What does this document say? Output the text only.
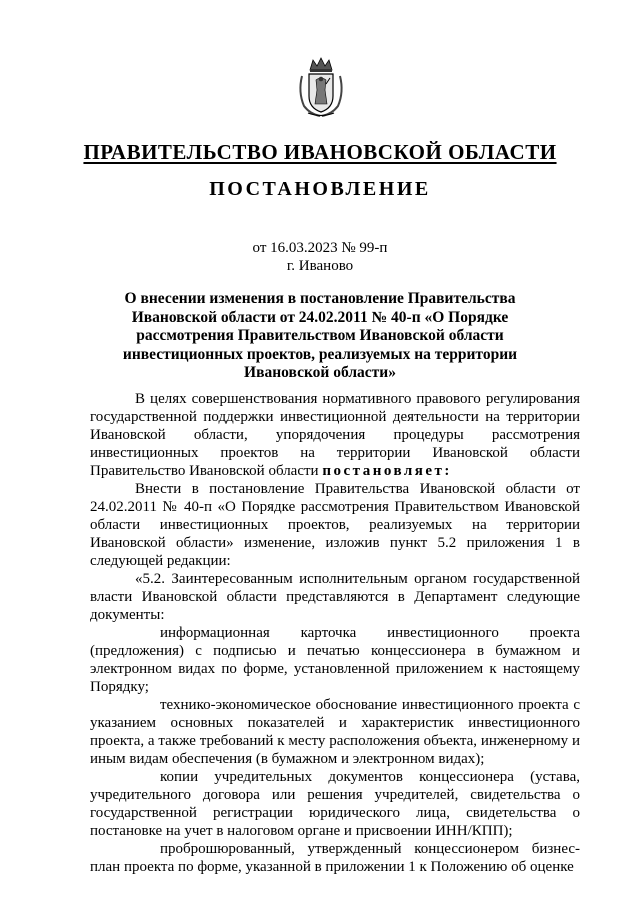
ПРАВИТЕЛЬСТВО ИВАНОВСКОЙ ОБЛАСТИ
ПОСТАНОВЛЕНИЕ
от 16.03.2023 № 99-п
г. Иваново
О внесении изменения в постановление Правительства Ивановской области от 24.02.2011 № 40-п «О Порядке рассмотрения Правительством Ивановской области инвестиционных проектов, реализуемых на территории Ивановской области»

В целях совершенствования нормативного правового регулирования государственной поддержки инвестиционной деятельности на территории Ивановской области, упорядочения процедуры рассмотрения инвестиционных проектов на территории Ивановской области Правительство Ивановской области постановляет:

Внести в постановление Правительства Ивановской области от 24.02.2011 № 40-п «О Порядке рассмотрения Правительством Ивановской области инвестиционных проектов, реализуемых на территории Ивановской области» изменение, изложив пункт 5.2 приложения 1 в следующей редакции:

«5.2. Заинтересованным исполнительным органом государственной власти Ивановской области представляются в Департамент следующие документы:

информационная карточка инвестиционного проекта (предложения) с подписью и печатью концессионера в бумажном и электронном видах по форме, установленной приложением к настоящему Порядку;

технико-экономическое обоснование инвестиционного проекта с указанием основных показателей и характеристик инвестиционного проекта, а также требований к месту расположения объекта, инженерному и иным видам обеспечения (в бумажном и электронном видах);

копии учредительных документов концессионера (устава, учредительного договора или решения учредителей, свидетельства о государственной регистрации юридического лица, свидетельства о постановке на учет в налоговом органе и присвоении ИНН/КПП);

проброшюрованный, утвержденный концессионером бизнес-план проекта по форме, указанной в приложении 1 к Положению об оценке
